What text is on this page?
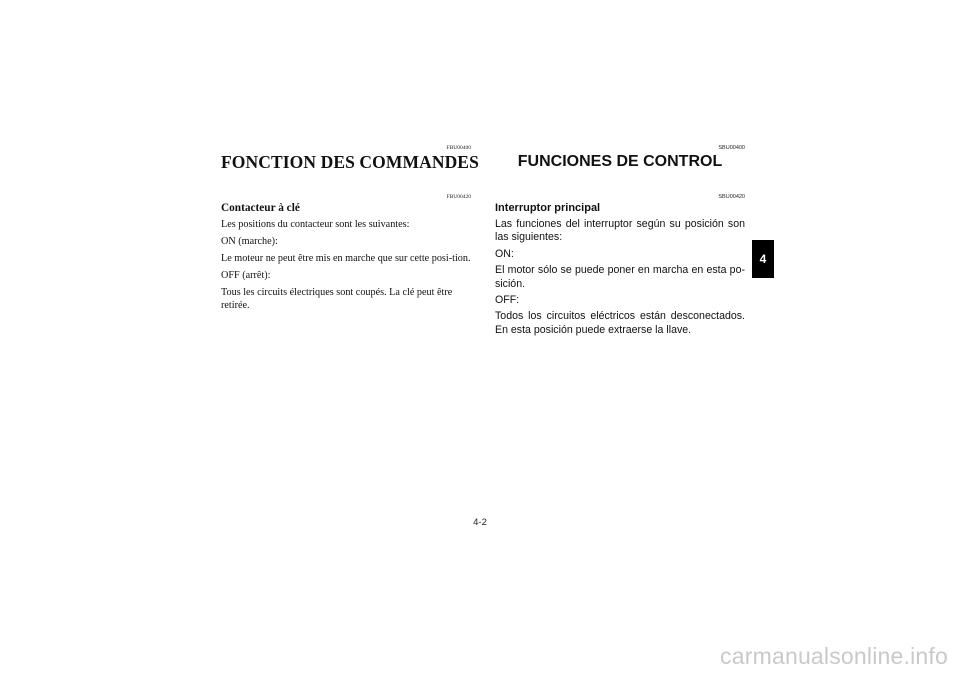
FBU00400
FONCTION DES COMMANDES
FBU00420
Contacteur à clé

Les positions du contacteur sont les suivantes:

ON (marche):

Le moteur ne peut être mis en marche que sur cette posi-tion.

OFF (arrêt):

Tous les circuits électriques sont coupés. La clé peut être retirée.

SBU00400
FUNCIONES DE CONTROL
SBU00420
Interruptor principal

Las funciones del interruptor según su posición son las siguientes:

ON:

El motor sólo se puede poner en marcha en esta po-sición.

OFF:

Todos los circuitos eléctricos están desconectados. En esta posición puede extraerse la llave.

4
4-2
carmanualsonline.info
